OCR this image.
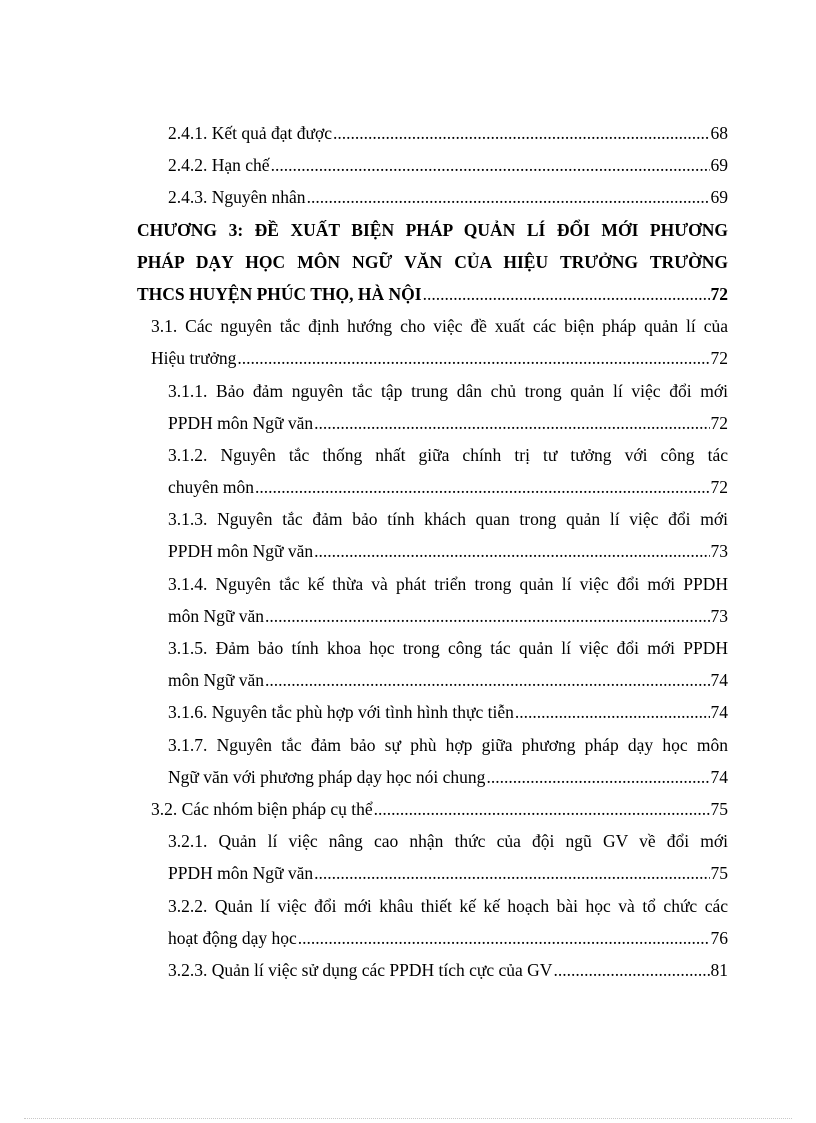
2.4.1. Kết quả đạt được .....	68
2.4.2. Hạn chế .....	69
2.4.3. Nguyên nhân .....	69
CHƯƠNG 3: ĐỀ XUẤT BIỆN PHÁP QUẢN LÍ ĐỔI MỚI PHƯƠNG
PHÁP DẠY HỌC MÔN NGỮ VĂN CỦA HIỆU TRƯỞNG TRƯỜNG
THCS HUYỆN PHÚC THỌ, HÀ NỘI .....	72
3.1. Các nguyên tắc định hướng cho việc đề xuất các biện pháp quản lí của
Hiệu trưởng .....	72
3.1.1. Bảo đảm nguyên tắc tập trung dân chủ trong quản lí việc đổi mới
PPDH môn Ngữ văn .....	72
3.1.2. Nguyên tắc thống nhất giữa chính trị tư tưởng với công tác
chuyên môn .....	72
3.1.3. Nguyên tắc đảm bảo tính khách quan trong quản lí việc đổi mới
PPDH môn Ngữ văn .....	73
3.1.4. Nguyên tắc kế thừa và phát triển trong quản lí việc đổi mới PPDH
môn Ngữ văn .....	73
3.1.5. Đảm bảo tính khoa học trong công tác quản lí việc đổi mới PPDH
môn Ngữ văn .....	74
3.1.6. Nguyên tắc phù hợp với tình hình thực tiễn .....	74
3.1.7. Nguyên tắc đảm bảo sự phù hợp giữa phương pháp dạy học môn
Ngữ văn với phương pháp dạy học nói chung .....	74
3.2. Các nhóm biện pháp cụ thể .....	75
3.2.1. Quản lí việc nâng cao nhận thức của đội ngũ GV về đổi mới
PPDH môn Ngữ văn .....	75
3.2.2. Quản lí việc đổi mới khâu thiết kế kế hoạch bài học và tổ chức các
hoạt động dạy học .....	76
3.2.3. Quản lí việc sử dụng các PPDH tích cực của GV .....	81
